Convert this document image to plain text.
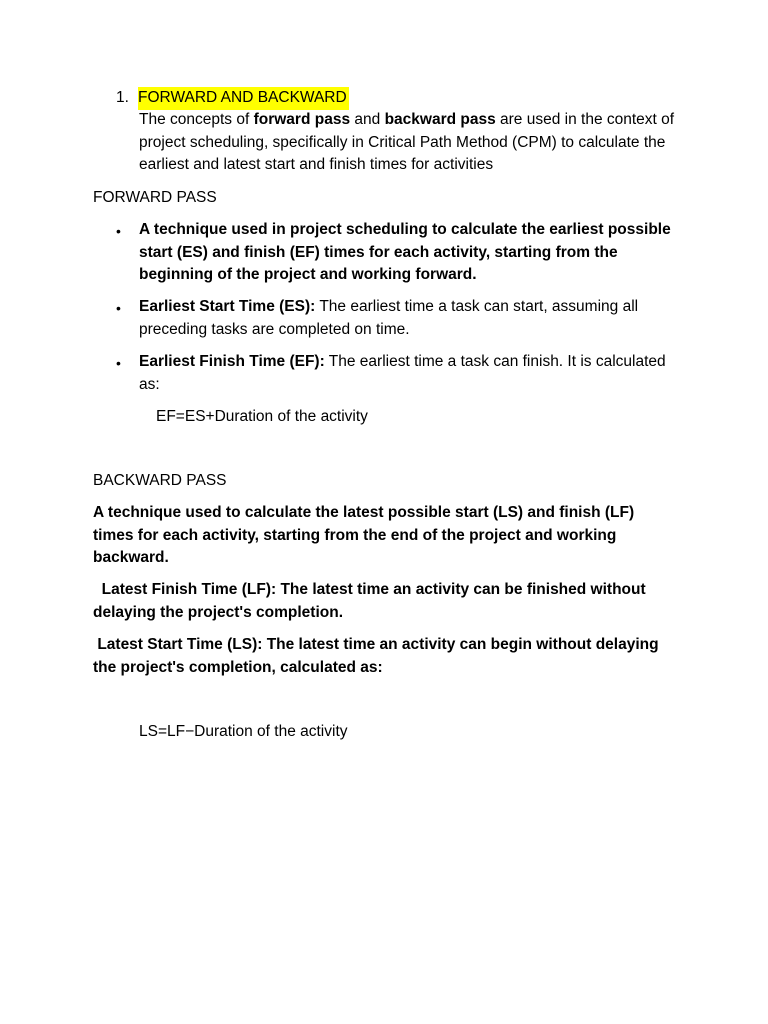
1. FORWARD AND BACKWARD

The concepts of forward pass and backward pass are used in the context of project scheduling, specifically in Critical Path Method (CPM) to calculate the earliest and latest start and finish times for activities

FORWARD PASS
• A technique used in project scheduling to calculate the earliest possible start (ES) and finish (EF) times for each activity, starting from the beginning of the project and working forward.

• Earliest Start Time (ES): The earliest time a task can start, assuming all preceding tasks are completed on time.

• Earliest Finish Time (EF): The earliest time a task can finish. It is calculated as:

EF=ES+Duration of the activity
BACKWARD PASS

A technique used to calculate the latest possible start (LS) and finish (LF) times for each activity, starting from the end of the project and working backward.

Latest Finish Time (LF): The latest time an activity can be finished without delaying the project's completion.

Latest Start Time (LS): The latest time an activity can begin without delaying the project's completion, calculated as:

LS=LF−Duration of the activity
